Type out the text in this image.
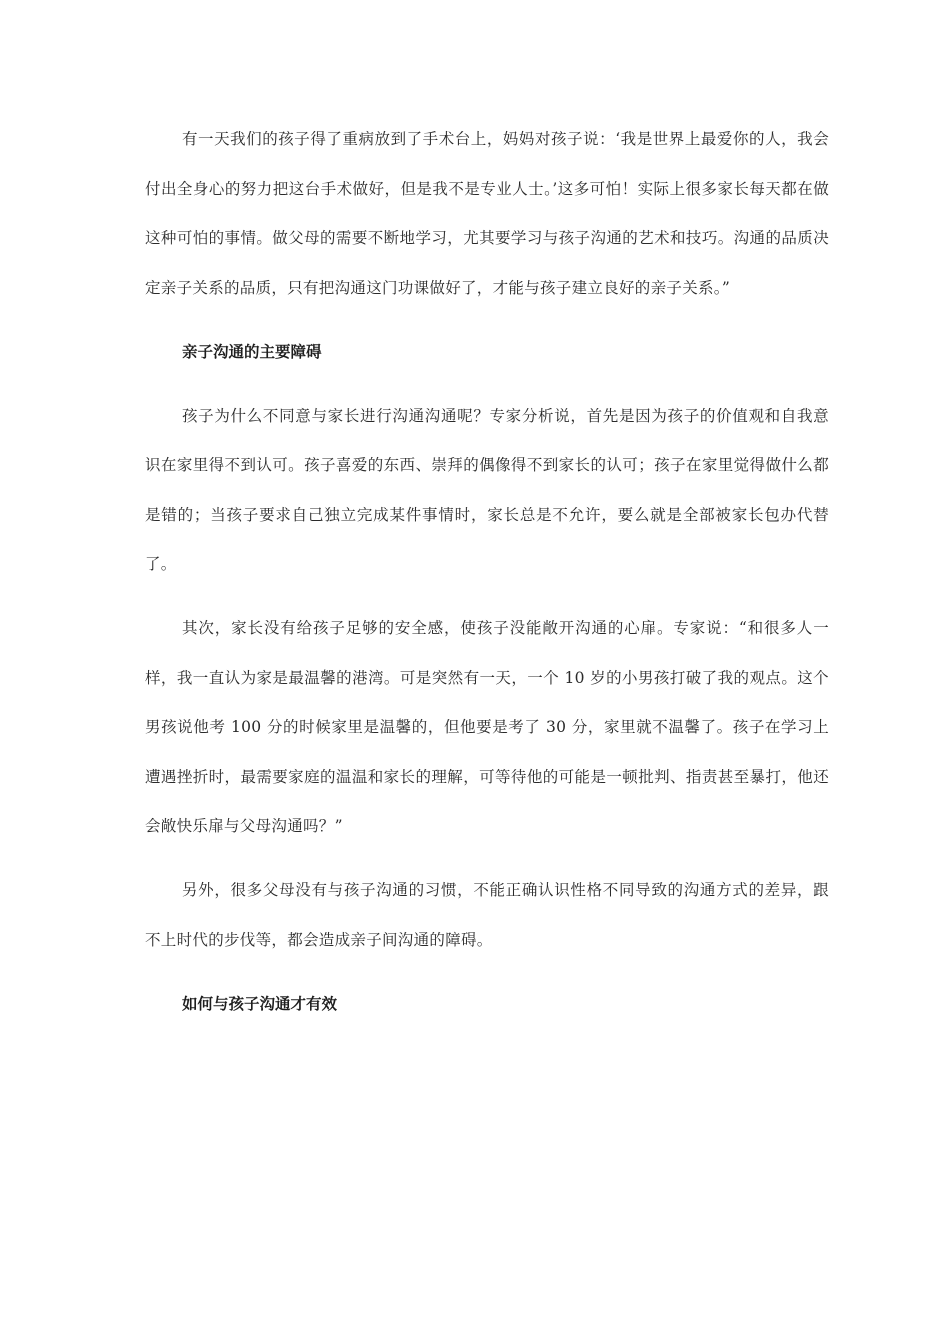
有一天我们的孩子得了重病放到了手术台上，妈妈对孩子说：‘我是世界上最爱你的人，我会付出全身心的努力把这台手术做好，但是我不是专业人士。’这多可怕！实际上很多家长每天都在做这种可怕的事情。做父母的需要不断地学习，尤其要学习与孩子沟通的艺术和技巧。沟通的品质决定亲子关系的品质，只有把沟通这门功课做好了，才能与孩子建立良好的亲子关系。”

亲子沟通的主要障碍

孩子为什么不同意与家长进行沟通沟通呢？专家分析说，首先是因为孩子的价值观和自我意识在家里得不到认可。孩子喜爱的东西、崇拜的偶像得不到家长的认可；孩子在家里觉得做什么都是错的；当孩子要求自己独立完成某件事情时，家长总是不允许，要么就是全部被家长包办代替了。

其次，家长没有给孩子足够的安全感，使孩子没能敞开沟通的心扉。专家说：“和很多人一样，我一直认为家是最温馨的港湾。可是突然有一天，一个 10 岁的小男孩打破了我的观点。这个男孩说他考 100 分的时候家里是温馨的，但他要是考了 30 分，家里就不温馨了。孩子在学习上遭遇挫折时，最需要家庭的温温和家长的理解，可等待他的可能是一顿批判、指责甚至暴打，他还会敞快乐扉与父母沟通吗？”

另外，很多父母没有与孩子沟通的习惯，不能正确认识性格不同导致的沟通方式的差异，跟不上时代的步伐等，都会造成亲子间沟通的障碍。

如何与孩子沟通才有效
